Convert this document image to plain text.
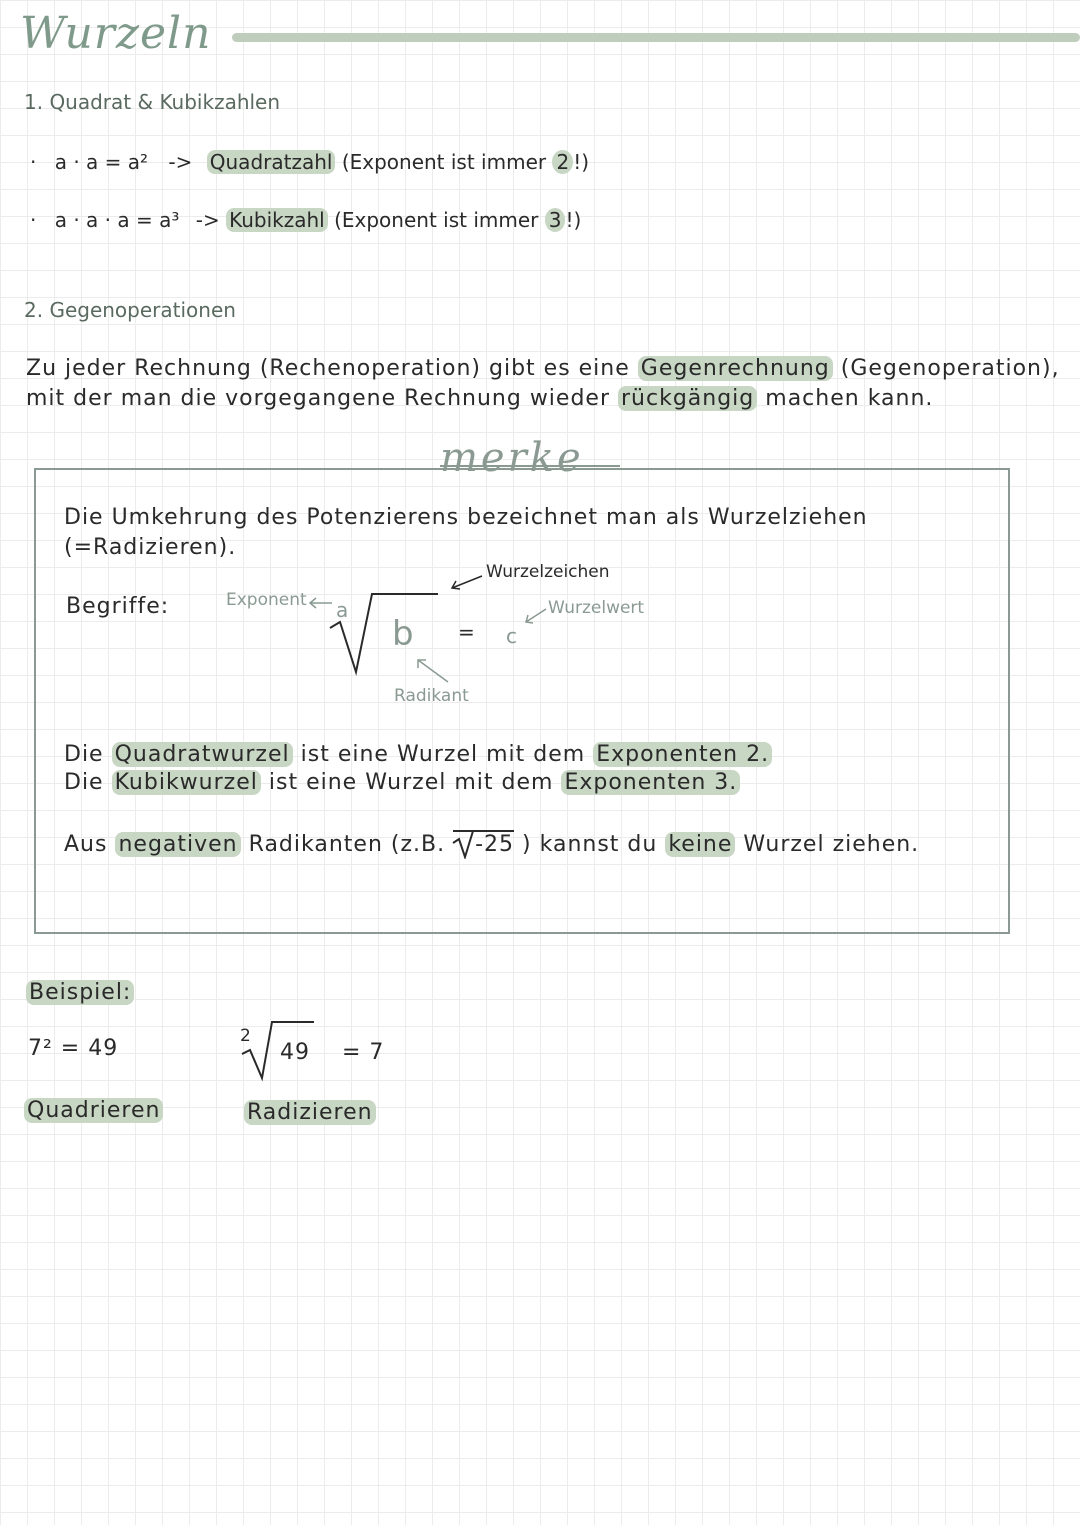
Wurzeln
1. Quadrat & Kubikzahlen
· a · a = a² -> Quadratzahl (Exponent ist immer 2 !)
· a · a · a = a³ -> Kubikzahl (Exponent ist immer 3 !)
2. Gegenoperationen
Zu jeder Rechnung (Rechenoperation) gibt es eine Gegenrechnung (Gegenoperation),
mit der man die vorgegangene Rechnung wieder rückgängig machen kann.
merke
Die Umkehrung des Potenzierens bezeichnet man als Wurzelziehen
(=Radizieren).
Begriffe:	Exponent a
b = c
Wurzelzeichen
Wurzelwert
Radikant
Die Quadratwurzel ist eine Wurzel mit dem Exponenten 2.
Die Kubikwurzel ist eine Wurzel mit dem Exponenten 3.
Aus negativen Radikanten (z.B. -25 ) kannst du keine Wurzel ziehen.
Beispiel:
7² = 49	2
49 = 7
Quadrieren	Radizieren
